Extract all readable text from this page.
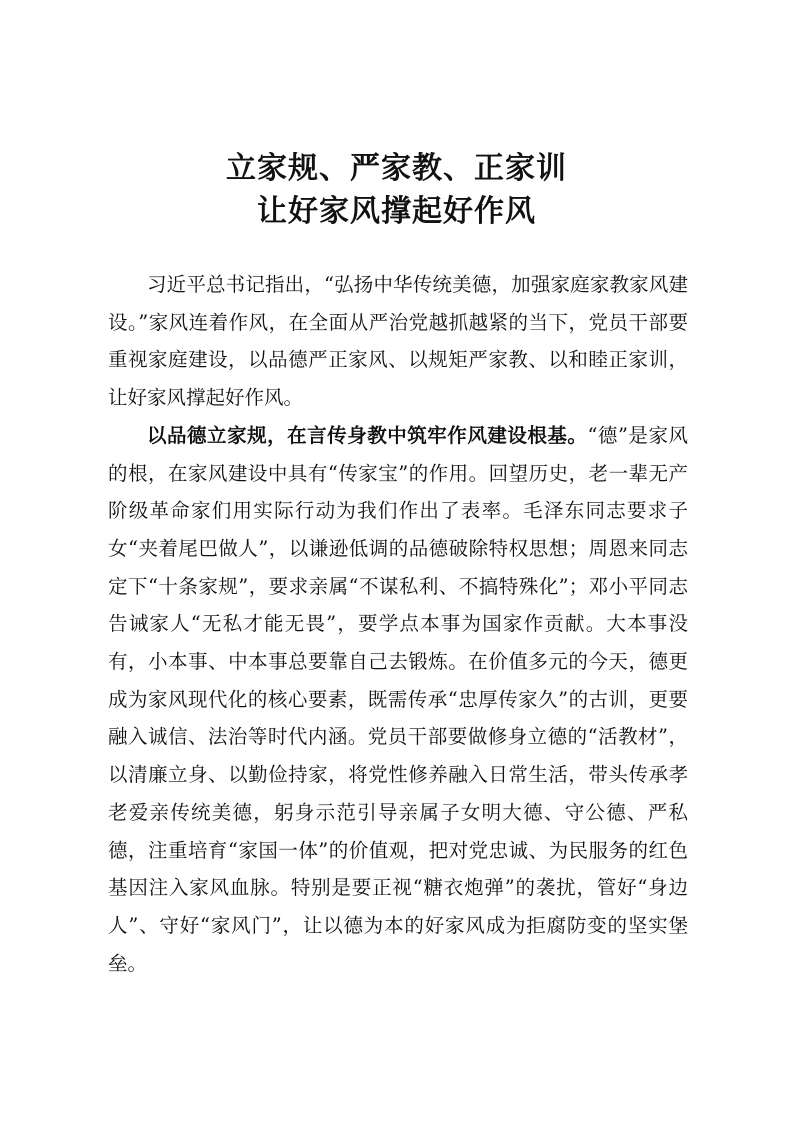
立家规、严家教、正家训
让好家风撑起好作风

习近平总书记指出，“弘扬中华传统美德，加强家庭家教家风建设。”家风连着作风，在全面从严治党越抓越紧的当下，党员干部要重视家庭建设，以品德严正家风、以规矩严家教、以和睦正家训，让好家风撑起好作风。

以品德立家规，在言传身教中筑牢作风建设根基。“德”是家风的根，在家风建设中具有“传家宝”的作用。回望历史，老一辈无产阶级革命家们用实际行动为我们作出了表率。毛泽东同志要求子女“夹着尾巴做人”，以谦逊低调的品德破除特权思想；周恩来同志定下“十条家规”，要求亲属“不谋私利、不搞特殊化”；邓小平同志告诫家人“无私才能无畏”，要学点本事为国家作贡献。大本事没有，小本事、中本事总要靠自己去锻炼。在价值多元的今天，德更成为家风现代化的核心要素，既需传承“忠厚传家久”的古训，更要融入诚信、法治等时代内涵。党员干部要做修身立德的“活教材”，以清廉立身、以勤俭持家，将党性修养融入日常生活，带头传承孝老爱亲传统美德，躬身示范引导亲属子女明大德、守公德、严私德，注重培育“家国一体”的价值观，把对党忠诚、为民服务的红色基因注入家风血脉。特别是要正视“糖衣炮弹”的袭扰，管好“身边人”、守好“家风门”，让以德为本的好家风成为拒腐防变的坚实堡垒。
